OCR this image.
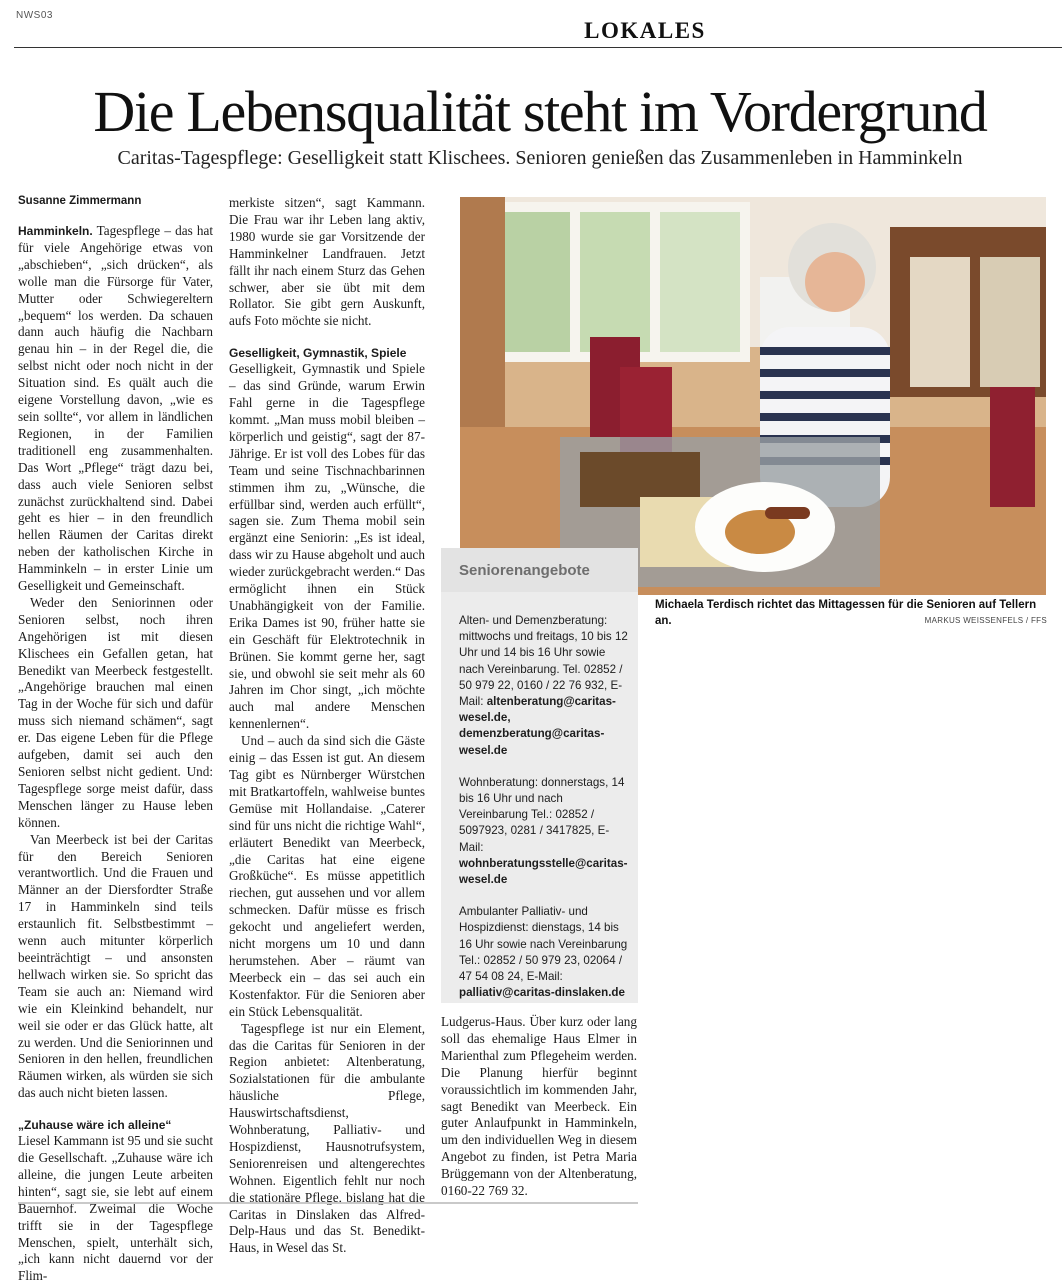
NWS03
LOKALES
Die Lebensqualität steht im Vordergrund
Caritas-Tagespflege: Geselligkeit statt Klischees. Senioren genießen das Zusammenleben in Hamminkeln

Susanne Zimmermann

Hamminkeln. Tagespflege – das hat für viele Angehörige etwas von „abschieben“, „sich drücken“, als wolle man die Fürsorge für Vater, Mutter oder Schwiegereltern „bequem“ los werden. Da schauen dann auch häufig die Nachbarn genau hin – in der Regel die, die selbst nicht oder noch nicht in der Situation sind. Es quält auch die eigene Vorstellung davon, „wie es sein sollte“, vor allem in ländlichen Regionen, in der Familien traditionell eng zusammenhalten. Das Wort „Pflege“ trägt dazu bei, dass auch viele Senioren selbst zunächst zurückhaltend sind. Dabei geht es hier – in den freundlich hellen Räumen der Caritas direkt neben der katholischen Kirche in Hamminkeln – in erster Linie um Geselligkeit und Gemeinschaft.

Weder den Seniorinnen oder Senioren selbst, noch ihren Angehörigen ist mit diesen Klischees ein Gefallen getan, hat Benedikt van Meerbeck festgestellt. „Angehörige brauchen mal einen Tag in der Woche für sich und dafür muss sich niemand schämen“, sagt er. Das eigene Leben für die Pflege aufgeben, damit sei auch den Senioren selbst nicht gedient. Und: Tagespflege sorge meist dafür, dass Menschen länger zu Hause leben können.

Van Meerbeck ist bei der Caritas für den Bereich Senioren verantwortlich. Und die Frauen und Männer an der Diersfordter Straße 17 in Hamminkeln sind teils erstaunlich fit. Selbstbestimmt – wenn auch mitunter körperlich beeinträchtigt – und ansonsten hellwach wirken sie. So spricht das Team sie auch an: Niemand wird wie ein Kleinkind behandelt, nur weil sie oder er das Glück hatte, alt zu werden. Und die Seniorinnen und Senioren in den hellen, freundlichen Räumen wirken, als würden sie sich das auch nicht bieten lassen.

„Zuhause wäre ich alleine“

Liesel Kammann ist 95 und sie sucht die Gesellschaft. „Zuhause wäre ich alleine, die jungen Leute arbeiten hinten“, sagt sie, sie lebt auf einem Bauernhof. Zweimal die Woche trifft sie in der Tagespflege Menschen, spielt, unterhält sich, „ich kann nicht dauernd vor der Flim-

merkiste sitzen“, sagt Kammann. Die Frau war ihr Leben lang aktiv, 1980 wurde sie gar Vorsitzende der Hamminkelner Landfrauen. Jetzt fällt ihr nach einem Sturz das Gehen schwer, aber sie übt mit dem Rollator. Sie gibt gern Auskunft, aufs Foto möchte sie nicht.

Geselligkeit, Gymnastik, Spiele

Geselligkeit, Gymnastik und Spiele – das sind Gründe, warum Erwin Fahl gerne in die Tagespflege kommt. „Man muss mobil bleiben – körperlich und geistig“, sagt der 87-Jährige. Er ist voll des Lobes für das Team und seine Tischnachbarinnen stimmen ihm zu, „Wünsche, die erfüllbar sind, werden auch erfüllt“, sagen sie. Zum Thema mobil sein ergänzt eine Seniorin: „Es ist ideal, dass wir zu Hause abgeholt und auch wieder zurückgebracht werden.“ Das ermöglicht ihnen ein Stück Unabhängigkeit von der Familie. Erika Dames ist 90, früher hatte sie ein Geschäft für Elektrotechnik in Brünen. Sie kommt gerne her, sagt sie, und obwohl sie seit mehr als 60 Jahren im Chor singt, „ich möchte auch mal andere Menschen kennenlernen“.

Und – auch da sind sich die Gäste einig – das Essen ist gut. An diesem Tag gibt es Nürnberger Würstchen mit Bratkartoffeln, wahlweise buntes Gemüse mit Hollandaise. „Caterer sind für uns nicht die richtige Wahl“, erläutert Benedikt van Meerbeck, „die Caritas hat eine eigene Großküche“. Es müsse appetitlich riechen, gut aussehen und vor allem schmecken. Dafür müsse es frisch gekocht und angeliefert werden, nicht morgens um 10 und dann herumstehen. Aber – räumt van Meerbeck ein – das sei auch ein Kostenfaktor. Für die Senioren aber ein Stück Lebensqualität.

Tagespflege ist nur ein Element, das die Caritas für Senioren in der Region anbietet: Altenberatung, Sozialstationen für die ambulante häusliche Pflege, Hauswirtschaftsdienst, Wohnberatung, Palliativ- und Hospizdienst, Hausnotrufsystem, Seniorenreisen und altengerechtes Wohnen. Eigentlich fehlt nur noch die stationäre Pflege, bislang hat die Caritas in Dinslaken das Alfred-Delp-Haus und das St. Benedikt-Haus, in Wesel das St.

Michaela Terdisch richtet das Mittagessen für die Senioren auf Tellern an.	MARKUS WEISSENFELS / FFS
Seniorenangebote

Alten- und Demenzberatung: mittwochs und freitags, 10 bis 12 Uhr und 14 bis 16 Uhr sowie nach Vereinbarung. Tel. 02852 / 50 979 22, 0160 / 22 76 932, E-Mail: altenberatung@caritas-wesel.de, demenzberatung@caritas-wesel.de

Wohnberatung: donnerstags, 14 bis 16 Uhr und nach Vereinbarung Tel.: 02852 / 5097923, 0281 / 3417825, E-Mail: wohnberatungsstelle@caritas-wesel.de

Ambulanter Palliativ- und Hospizdienst: dienstags, 14 bis 16 Uhr sowie nach Vereinbarung Tel.: 02852 / 50 979 23, 02064 / 47 54 08 24, E-Mail: palliativ@caritas-dinslaken.de

Ludgerus-Haus. Über kurz oder lang soll das ehemalige Haus Elmer in Marienthal zum Pflegeheim werden. Die Planung hierfür beginnt voraussichtlich im kommenden Jahr, sagt Benedikt van Meerbeck. Ein guter Anlaufpunkt in Hamminkeln, um den individuellen Weg in diesem Angebot zu finden, ist Petra Maria Brüggemann von der Altenberatung, 0160-22 769 32.
